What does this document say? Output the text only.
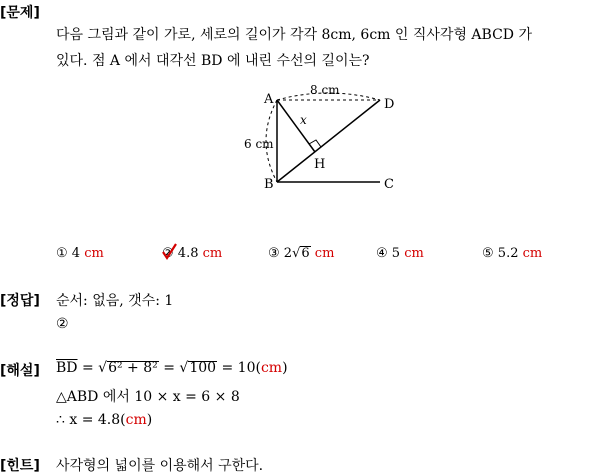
[문제]
다음 그림과 같이 가로, 세로의 길이가 각각 8cm, 6cm 인 직사각형 ABCD 가
있다. 점 A 에서 대각선 BD 에 내린 수선의 길이는?
A
B	C
D
H
8 cm
6 cm
x
① 4 cm	② 4.8 cm	③ 2√6 cm	④ 5 cm	⑤ 5.2 cm
[정답] 순서: 없음, 갯수: 1
②
[해설] $\overline{BD} = √6^2 + 8^2 = √100 = 10(cm)$
△ABD 에서 10 × x = 6 × 8
∴ x = 4.8(cm)
[힌트] 사각형의 넓이를 이용해서 구한다.
